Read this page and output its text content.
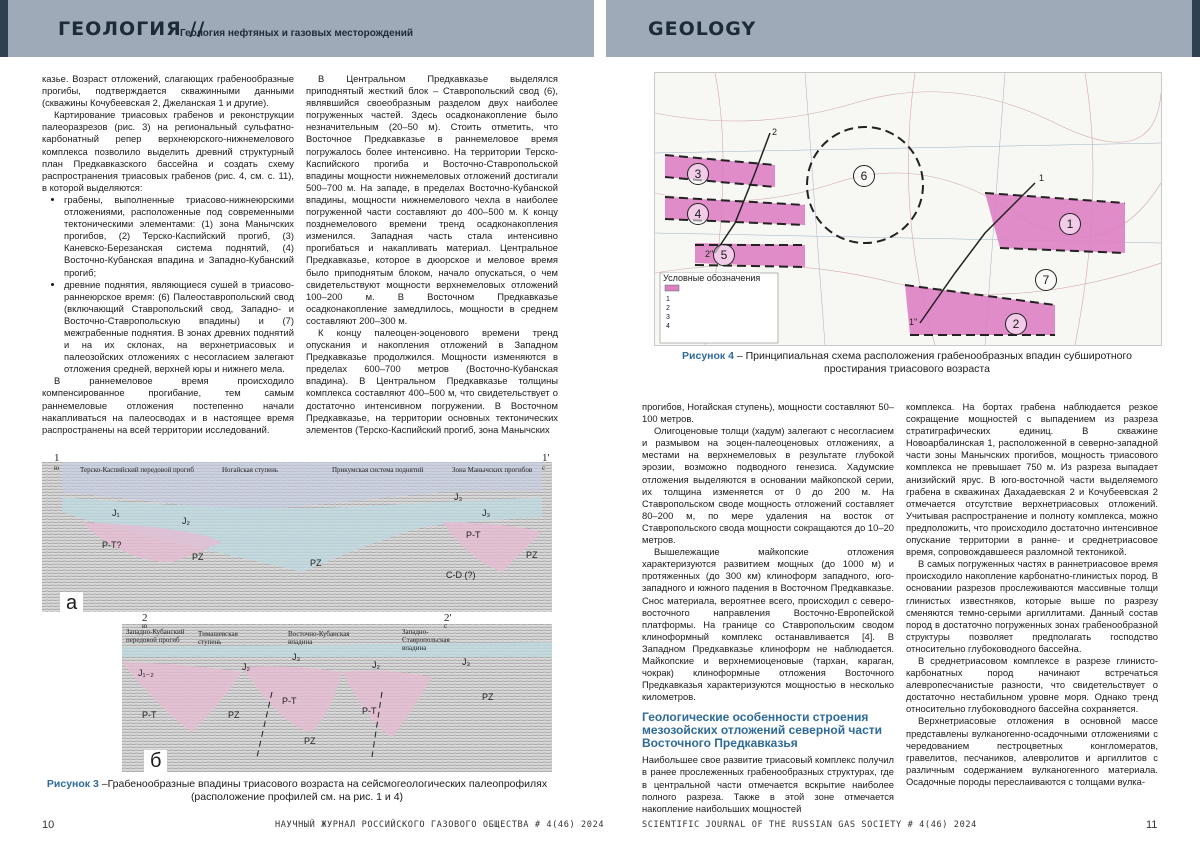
ГЕОЛОГИЯ //
Геология нефтяных и газовых месторождений	GEOLOGY

казье. Возраст отложений, слагающих грабенообразные прогибы, подтверждается скважинными данными (скважины Кочубеевская 2, Джеланская 1 и другие).

Картирование триасовых грабенов и реконструкции палеоразрезов (рис. 3) на региональный сульфатно-карбонатный репер верхнеюрского-нижнемелового комплекса позволило выделить древний структурный план Предкавказского бассейна и создать схему распространения триасовых грабенов (рис. 4, см. с. 11), в которой выделяются:

• грабены, выполненные триасово-нижнеюрскими отложениями, расположенные под современными тектоническими элементами: (1) зона Манычских прогибов, (2) Терско-Каспийский прогиб, (3) Каневско-Березанская система поднятий, (4) Восточно-Кубанская впадина и Западно-Кубанский прогиб;
• древние поднятия, являющиеся сушей в триасово-раннеюрское время: (6) Палеоставропольский свод (включающий Ставропольский свод, Западно- и Восточно-Ставропольскую впадины) и (7) межграбенные поднятия. В зонах древних поднятий и на их склонах, на верхнетриасовых и палеозойских отложениях с несогласием залегают отложения средней, верхней юры и нижнего мела.

В раннемеловое время происходило компенсированное прогибание, тем самым раннемеловые отложения постепенно начали накапливаться на палеосводах и в настоящее время распространены на всей территории исследований.

В Центральном Предкавказье выделялся приподнятый жесткий блок – Ставропольский свод (6), являвшийся своеобразным разделом двух наиболее погруженных частей. Здесь осадконакопление было незначительным (20–50 м). Стоить отметить, что Восточное Предкавказье в раннемеловое время погружалось более интенсивно. На территории Терско-Каспийского прогиба и Восточно-Ставропольской впадины мощности нижнемеловых отложений достигали 500–700 м. На западе, в пределах Восточно-Кубанской впадины, мощности нижнемелового чехла в наиболее погруженной части составляют до 400–500 м. К концу позднемелового времени тренд осадконакопления изменился. Западная часть стала интенсивно прогибаться и накапливать материал. Центральное Предкавказье, которое в дюорское и меловое время было приподнятым блоком, начало опускаться, о чем свидетельствуют мощности верхнемеловых отложений 100–200 м. В Восточном Предкавказье осадконакопление замедлилось, мощности в среднем составляют 200–300 м.

К концу палеоцен-эоценового времени тренд опускания и накопления отложений в Западном Предкавказье продолжился. Мощности изменяются в пределах 600–700 метров (Восточно-Кубанская впадина). В Центральном Предкавказье толщины комплекса составляют 400–500 м, что свидетельствует о достаточно интенсивном погружении. В Восточном Предкавказье, на территории основных тектонических элементов (Терско-Каспийский прогиб, зона Манычских

1	1'
ю	с
Терско-Каспийский передовой прогиб	Ногайская ступень	Прикумская система поднятий	Зона Манычских прогибов
P-T?
PZ
PZ
P-T
PZ
C-D (?)
J₁
J₂
J₃
J₃
а
2	2'
ю	с
Западно-Кубанский передовой прогиб
Тимашевская ступень
Восточно-Кубанская впадина
Западно-Ставропольская впадина
P-T	PZ
P-T
P-T
PZ
PZ
J₁₋₂
J₂
J₃
J₂	J₃
б
Рисунок 3 –Грабенообразные впадины триасового возраста на сейсмогеологических палеопрофилях (расположение профилей см. на рис. 1 и 4)
3
4
5
6
1
2
7
1
1"
2
2"
Условные обозначения
1
2
3
4
Рисунок 4 – Принципиальная схема расположения грабенообразных впадин субширотного простирания триасового возраста

прогибов, Ногайская ступень), мощности составляют 50–100 метров.

Олигоценовые толщи (хадум) залегают с несогласием и размывом на эоцен-палеоценовых отложениях, а местами на верхнемеловых в результате глубокой эрозии, возможно подводного генезиса. Хадумские отложения выделяются в основании майкопской серии, их толщина изменяется от 0 до 200 м. На Ставропольском своде мощность отложений составляет 80–200 м, по мере удаления на восток от Ставропольского свода мощности сокращаются до 10–20 метров.

Вышележащие майкопские отложения характеризуются развитием мощных (до 1000 м) и протяженных (до 300 км) клиноформ западного, юго-западного и южного падения в Восточном Предкавказье. Снос материала, вероятнее всего, происходил с северо-восточного направления Восточно-Европейской платформы. На границе со Ставропольским сводом клиноформный комплекс останавливается [4]. В Западном Предкавказье клиноформ не наблюдается. Майкопские и верхнемиоценовые (тархан, караган, чокрак) клиноформные отложения Восточного Предкавказья характеризуются мощностью в несколько километров.

Геологические особенности строения мезозойских отложений северной части Восточного Предкавказья

Наибольшее свое развитие триасовый комплекс получил в ранее прослеженных грабенообразных структурах, где в центральной части отмечается вскрытие наиболее полного разреза. Также в этой зоне отмечается накопление наибольших мощностей

комплекса. На бортах грабена наблюдается резкое сокращение мощностей с выпадением из разреза стратиграфических единиц. В скважине Новоарбалинская 1, расположенной в северно-западной части зоны Манычских прогибов, мощность триасового комплекса не превышает 750 м. Из разреза выпадает анизийский ярус. В юго-восточной части выделяемого грабена в скважинах Дахадаевская 2 и Кочубеевская 2 отмечается отсутствие верхнетриасовых отложений. Учитывая распространение и полноту комплекса, можно предположить, что происходило достаточно интенсивное опускание территории в ранне- и среднетриасовое время, сопровождавшееся разломной тектоникой.

В самых погруженных частях в раннетриасовое время происходило накопление карбонатно-глинистых пород. В основании разрезов прослеживаются массивные толщи глинистых известняков, которые выше по разрезу сменяются темно-серыми аргиллитами. Данный состав пород в достаточно погруженных зонах грабенообразной структуры позволяет предполагать господство относительно глубоководного бассейна.

В среднетриасовом комплексе в разрезе глинисто-карбонатных пород начинают встречаться алевропесчанистые разности, что свидетельствует о достаточно нестабильном уровне моря. Однако тренд относительно глубоководного бассейна сохраняется.

Верхнетриасовые отложения в основной массе представлены вулканогенно-осадочными отложениями с чередованием пестроцветных конгломератов, гравелитов, песчаников, алевролитов и аргиллитов с различным содержанием вулканогенного материала. Осадочные породы переслаиваются с толщами вулка-

10	НАУЧНЫЙ ЖУРНАЛ РОССИЙСКОГО ГАЗОВОГО ОБЩЕСТВА # 4(46) 2024	SCIENTIFIC JOURNAL OF THE RUSSIAN GAS SOCIETY # 4(46) 2024	11
